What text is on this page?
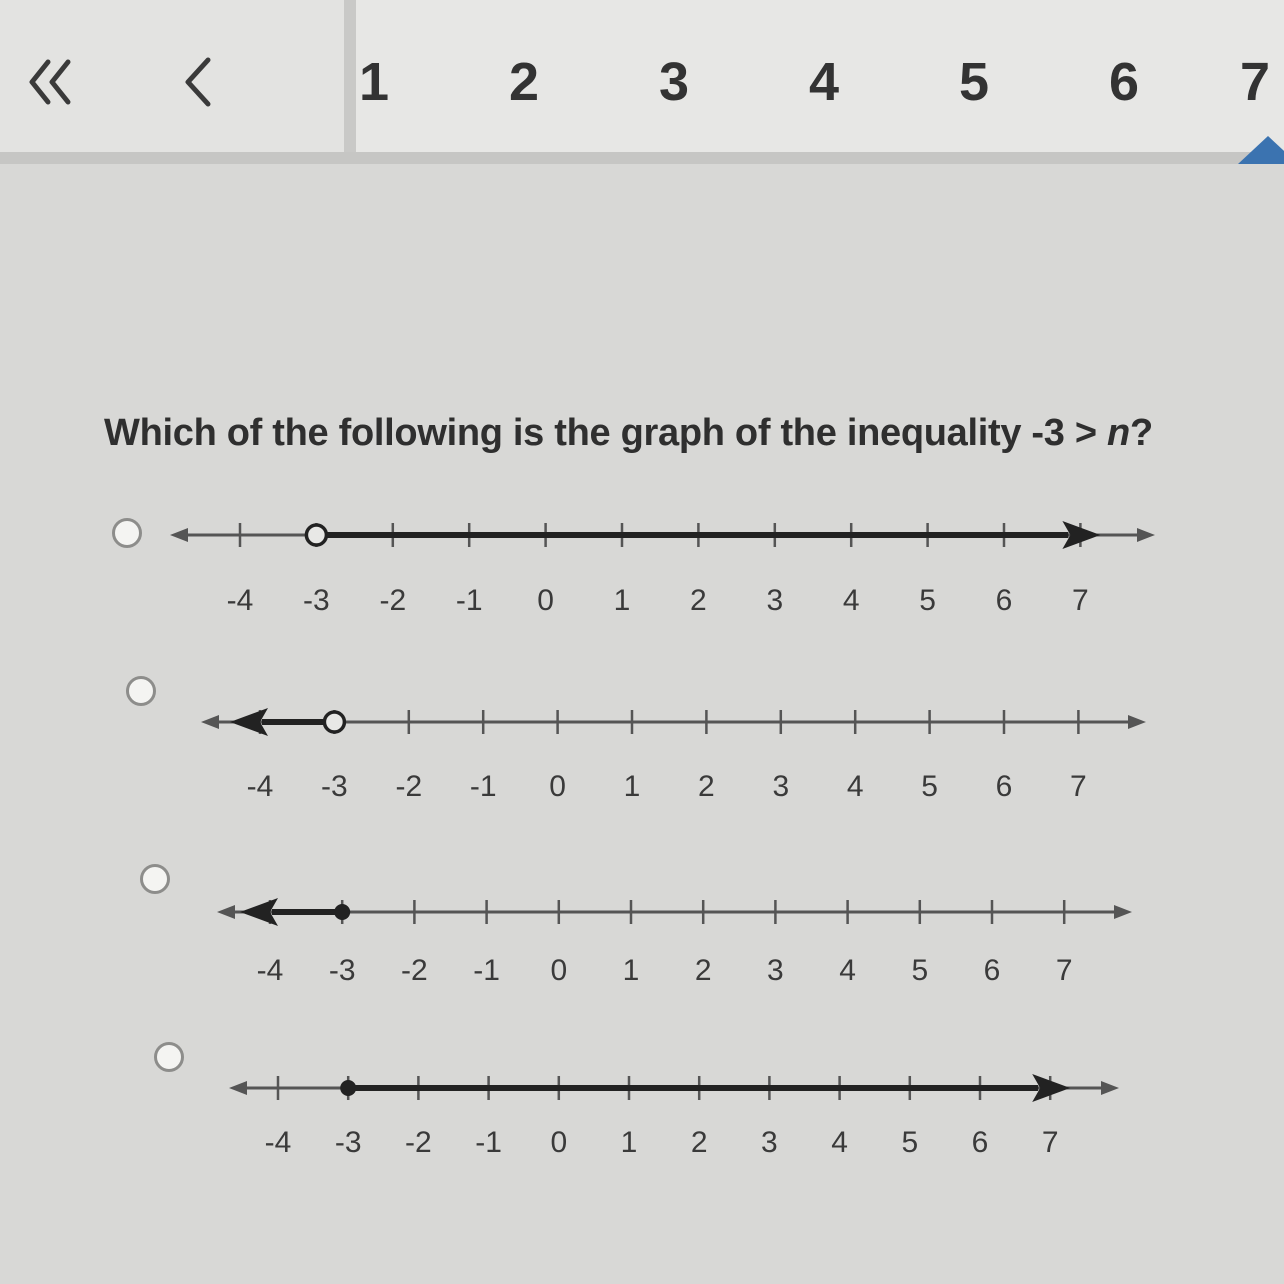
1 2 3 4 5 6 7
Which of the following is the graph of the inequality -3 > n?
-4 -3 -2 -1 0 1 2 3 4 5 6 7
-4 -3 -2 -1 0 1 2 3 4 5 6 7
-4 -3 -2 -1 0 1 2 3 4 5 6 7
-4 -3 -2 -1 0 1 2 3 4 5 6 7
